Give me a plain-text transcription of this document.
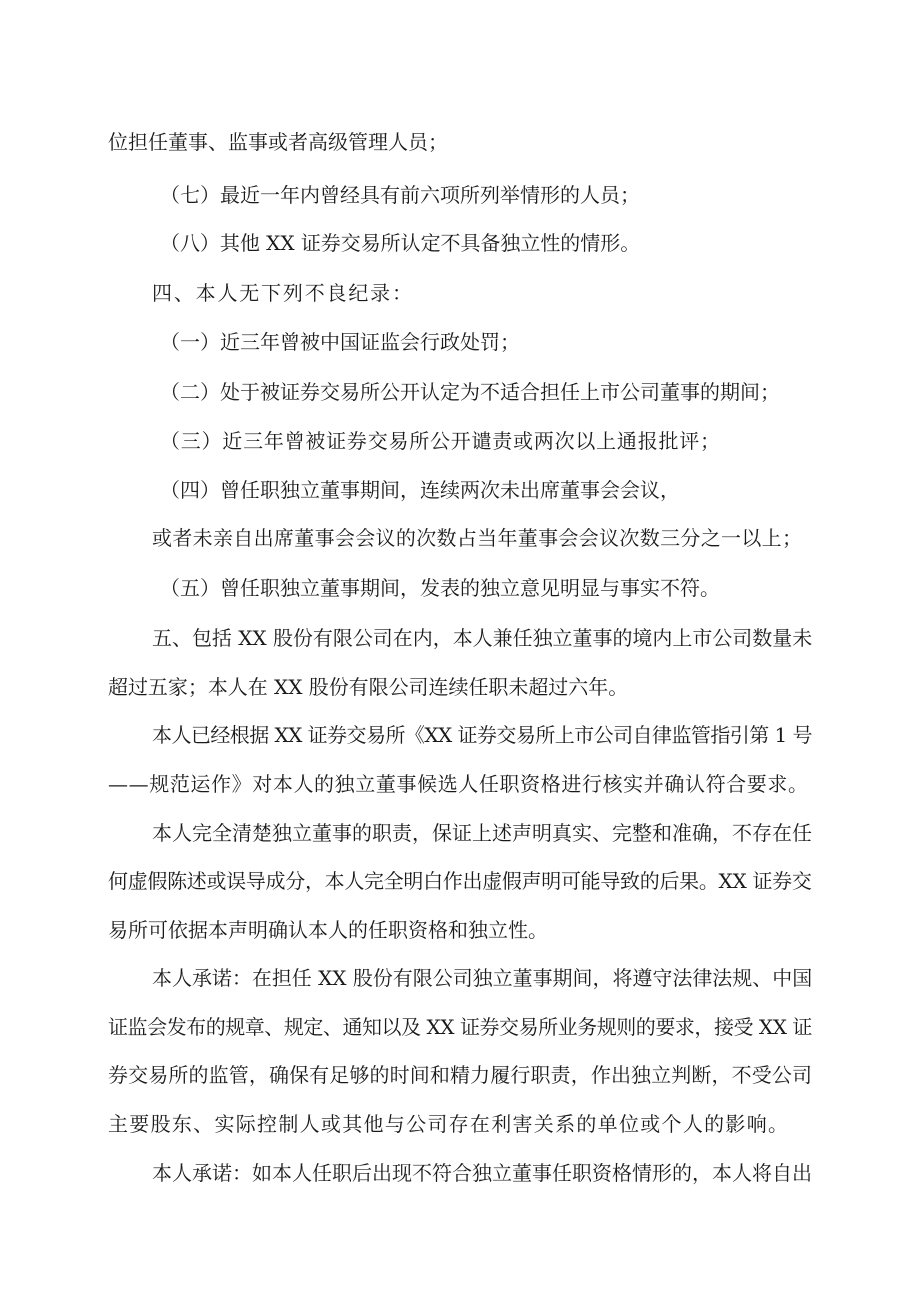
位担任董事、监事或者高级管理人员；
（七）最近一年内曾经具有前六项所列举情形的人员；
（八）其他 XX 证券交易所认定不具备独立性的情形。
四、本人无下列不良纪录：
（一）近三年曾被中国证监会行政处罚；
（二）处于被证券交易所公开认定为不适合担任上市公司董事的期间；
（三）近三年曾被证券交易所公开谴责或两次以上通报批评；
（四）曾任职独立董事期间，连续两次未出席董事会会议，
或者未亲自出席董事会会议的次数占当年董事会会议次数三分之一以上；
（五）曾任职独立董事期间，发表的独立意见明显与事实不符。
五、包括 XX 股份有限公司在内，本人兼任独立董事的境内上市公司数量未
超过五家；本人在 XX 股份有限公司连续任职未超过六年。
本人已经根据 XX 证券交易所《XX 证券交易所上市公司自律监管指引第 1 号
——规范运作》对本人的独立董事候选人任职资格进行核实并确认符合要求。
本人完全清楚独立董事的职责，保证上述声明真实、完整和准确，不存在任
何虚假陈述或误导成分，本人完全明白作出虚假声明可能导致的后果。XX 证券交
易所可依据本声明确认本人的任职资格和独立性。
本人承诺：在担任 XX 股份有限公司独立董事期间，将遵守法律法规、中国
证监会发布的规章、规定、通知以及 XX 证券交易所业务规则的要求，接受 XX 证
券交易所的监管，确保有足够的时间和精力履行职责，作出独立判断，不受公司
主要股东、实际控制人或其他与公司存在利害关系的单位或个人的影响。
本人承诺：如本人任职后出现不符合独立董事任职资格情形的，本人将自出
